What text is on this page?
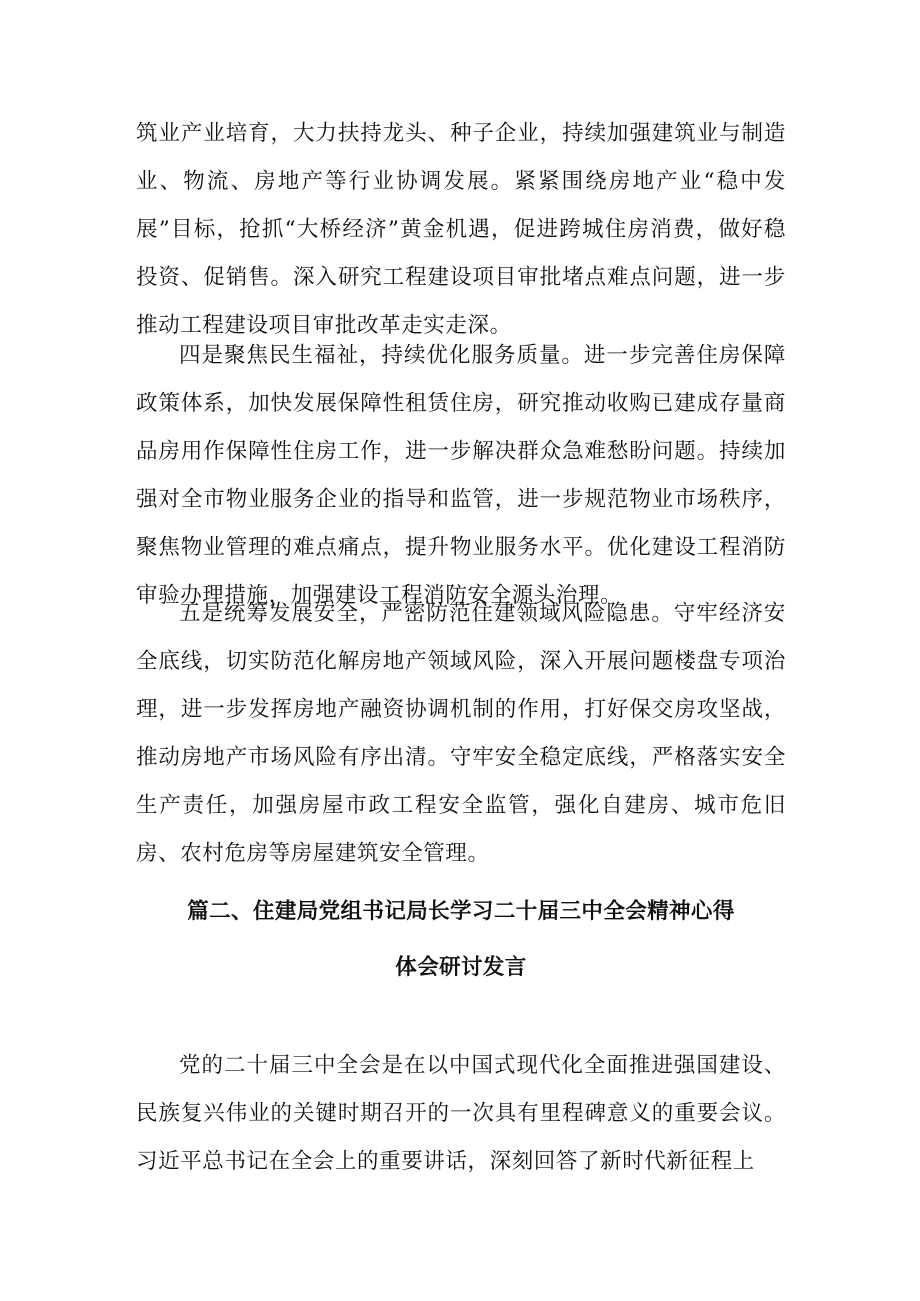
筑业产业培育，大力扶持龙头、种子企业，持续加强建筑业与制造业、物流、房地产等行业协调发展。紧紧围绕房地产业“稳中发展”目标，抢抓“大桥经济”黄金机遇，促进跨城住房消费，做好稳投资、促销售。深入研究工程建设项目审批堵点难点问题，进一步推动工程建设项目审批改革走实走深。

四是聚焦民生福祉，持续优化服务质量。进一步完善住房保障政策体系，加快发展保障性租赁住房，研究推动收购已建成存量商品房用作保障性住房工作，进一步解决群众急难愁盼问题。持续加强对全市物业服务企业的指导和监管，进一步规范物业市场秩序，聚焦物业管理的难点痛点，提升物业服务水平。优化建设工程消防审验办理措施，加强建设工程消防安全源头治理。

五是统筹发展安全，严密防范住建领域风险隐患。守牢经济安全底线，切实防范化解房地产领域风险，深入开展问题楼盘专项治理，进一步发挥房地产融资协调机制的作用，打好保交房攻坚战，推动房地产市场风险有序出清。守牢安全稳定底线，严格落实安全生产责任，加强房屋市政工程安全监管，强化自建房、城市危旧房、农村危房等房屋建筑安全管理。

篇二、住建局党组书记局长学习二十届三中全会精神心得
体会研讨发言

党的二十届三中全会是在以中国式现代化全面推进强国建设、民族复兴伟业的关键时期召开的一次具有里程碑意义的重要会议。习近平总书记在全会上的重要讲话，深刻回答了新时代新征程上
